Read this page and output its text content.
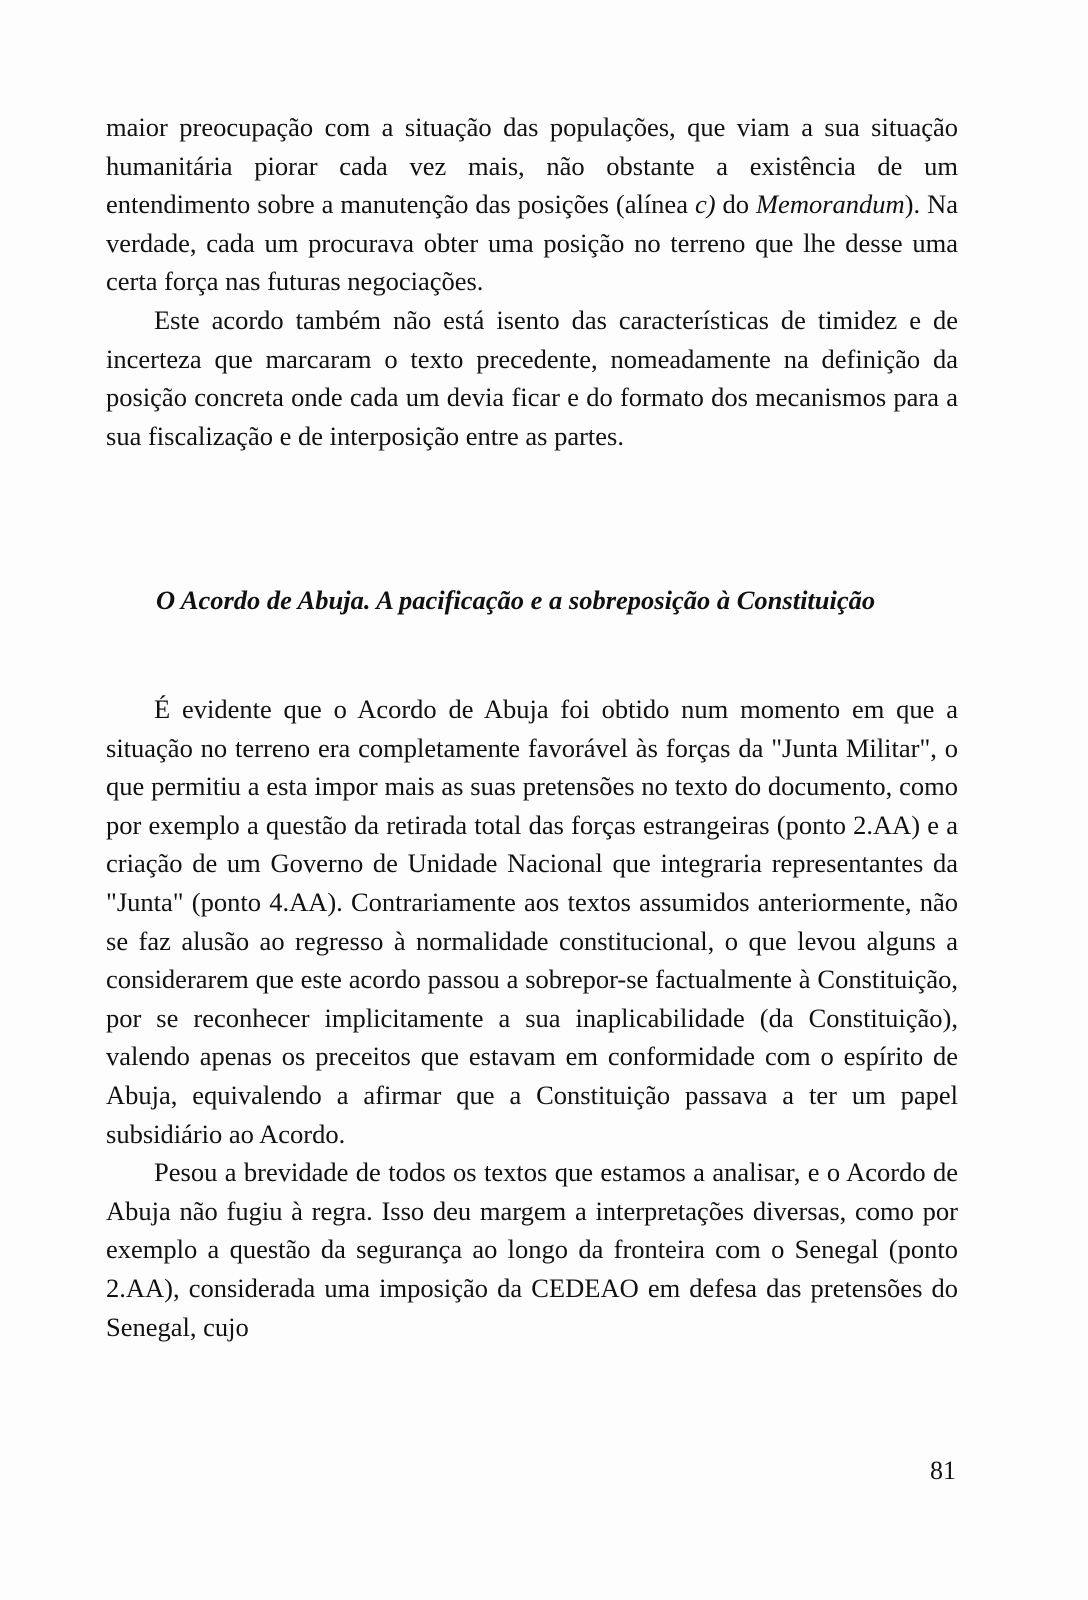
maior preocupação com a situação das populações, que viam a sua situação humanitária piorar cada vez mais, não obstante a existência de um entendimento sobre a manutenção das posições (alínea c) do Memorandum). Na verdade, cada um procurava obter uma posição no terreno que lhe desse uma certa força nas futuras negociações.

Este acordo também não está isento das características de timidez e de incerteza que marcaram o texto precedente, nomeadamente na definição da posição concreta onde cada um devia ficar e do formato dos mecanismos para a sua fiscalização e de interposição entre as partes.

O Acordo de Abuja. A pacificação e a sobreposição à Constituição

É evidente que o Acordo de Abuja foi obtido num momento em que a situação no terreno era completamente favorável às forças da "Junta Militar", o que permitiu a esta impor mais as suas pretensões no texto do documento, como por exemplo a questão da retirada total das forças estrangeiras (ponto 2.AA) e a criação de um Governo de Unidade Nacional que integraria representantes da "Junta" (ponto 4.AA). Contrariamente aos textos assumidos anteriormente, não se faz alusão ao regresso à normalidade constitucional, o que levou alguns a considerarem que este acordo passou a sobrepor-se factualmente à Constituição, por se reconhecer implicitamente a sua inaplicabilidade (da Constituição), valendo apenas os preceitos que estavam em conformidade com o espírito de Abuja, equivalendo a afirmar que a Constituição passava a ter um papel subsidiário ao Acordo.

Pesou a brevidade de todos os textos que estamos a analisar, e o Acordo de Abuja não fugiu à regra. Isso deu margem a interpretações diversas, como por exemplo a questão da segurança ao longo da fronteira com o Senegal (ponto 2.AA), considerada uma imposição da CEDEAO em defesa das pretensões do Senegal, cujo

81
